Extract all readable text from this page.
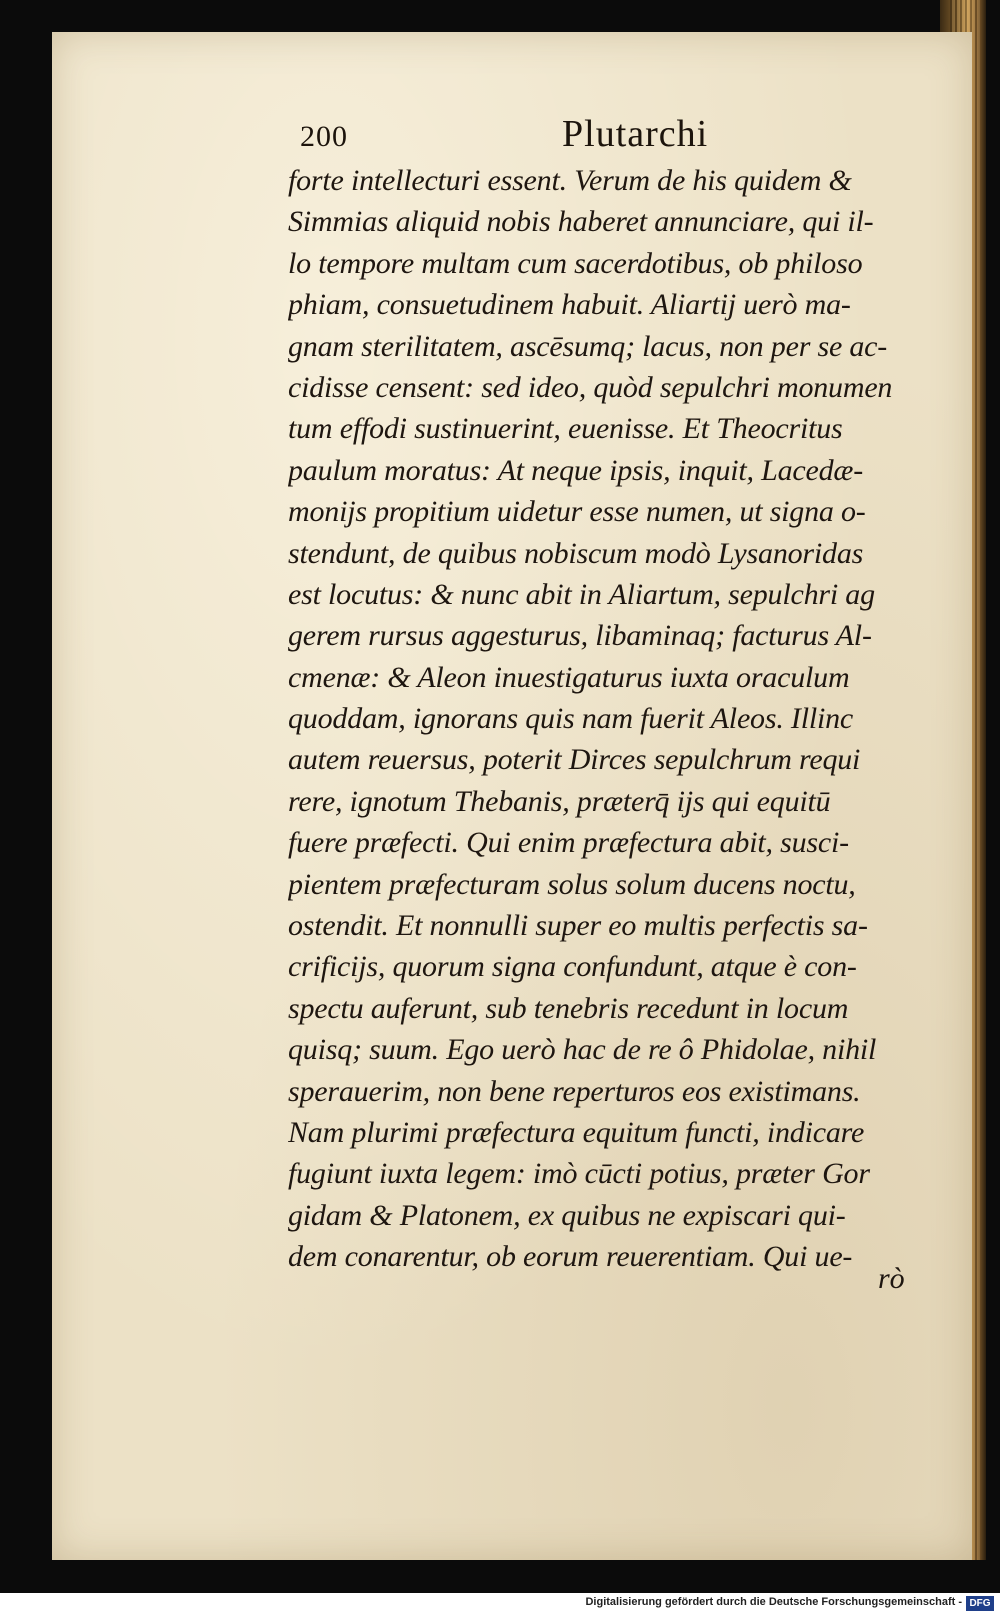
200	Plutarchi
forte intellecturi essent. Verum de his quidem &
Simmias aliquid nobis haberet annunciare, qui il-
lo tempore multam cum sacerdotibus, ob philoso
phiam, consuetudinem habuit. Aliartij uerò ma-
gnam sterilitatem, ascēsumq; lacus, non per se ac-
cidisse censent: sed ideo, quòd sepulchri monumen
tum effodi sustinuerint, euenisse. Et Theocritus
paulum moratus: At neque ipsis, inquit, Lacedæ-
monijs propitium uidetur esse numen, ut signa o-
stendunt, de quibus nobiscum modò Lysanoridas
est locutus: & nunc abit in Aliartum, sepulchri ag
gerem rursus aggesturus, libaminaq; facturus Al-
cmenæ: & Aleon inuestigaturus iuxta oraculum
quoddam, ignorans quis nam fuerit Aleos. Illinc
autem reuersus, poterit Dirces sepulchrum requi
rere, ignotum Thebanis, prӕterq̄ ijs qui equitū
fuere præfecti. Qui enim præfectura abit, susci-
pientem præfecturam solus solum ducens noctu,
ostendit. Et nonnulli super eo multis perfectis sa-
crificijs, quorum signa confundunt, atque è con-
spectu auferunt, sub tenebris recedunt in locum
quisq; suum. Ego uerò hac de re ô Phidolae, nihil
sperauerim, non bene reperturos eos existimans.
Nam plurimi præfectura equitum functi, indicare
fugiunt iuxta legem: imò cūcti potius, præter Gor
gidam & Platonem, ex quibus ne expiscari qui-
dem conarentur, ob eorum reuerentiam. Qui ue-
rò
Digitalisierung gefördert durch die Deutsche Forschungsgemeinschaft - DFG
